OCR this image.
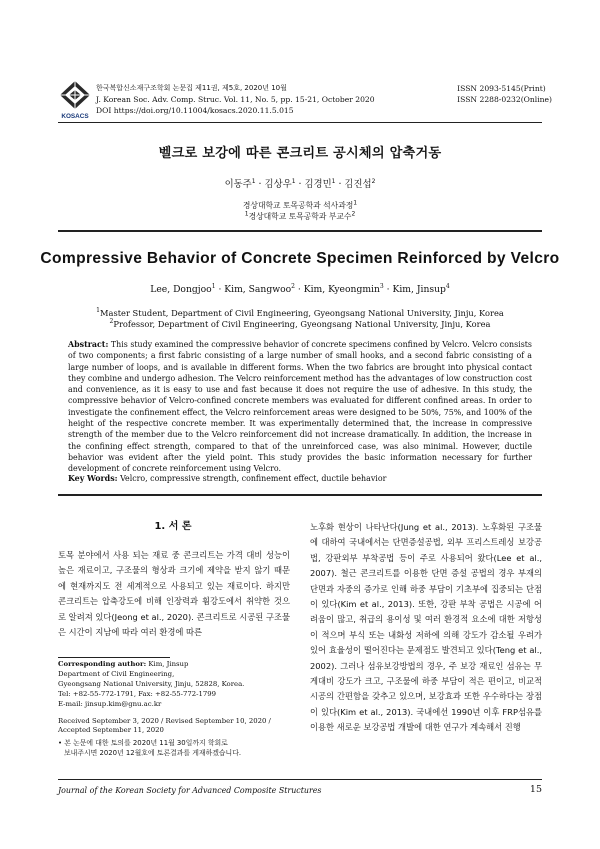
KOSACS
한국복합신소재구조학회 논문집 제11권, 제5호, 2020년 10월
J. Korean Soc. Adv. Comp. Struc. Vol. 11, No. 5, pp. 15-21, October 2020
DOI https://doi.org/10.11004/kosacs.2020.11.5.015
ISSN 2093-5145(Print)
ISSN 2288-0232(Online)
벨크로 보강에 따른 콘크리트 공시체의 압축거동
이동주$^1$ · 김상우$^1$ · 김경민$^1$ · 김진섭$^2$
경상대학교 토목공학과 석사과정$^1$
$^1$경상대학교 토목공학과 부교수$^2$
Compressive Behavior of Concrete Specimen Reinforced by Velcro
Lee, Dongjoo$^1$ · Kim, Sangwoo$^2$ · Kim, Kyeongmin$^3$ · Kim, Jinsup$^4$
$^1$Master Student, Department of Civil Engineering, Gyeongsang National University, Jinju, Korea
$^2$Professor, Department of Civil Engineering, Gyeongsang National University, Jinju, Korea
Abstract: This study examined the compressive behavior of concrete specimens confined by Velcro. Velcro consists of two components; a first fabric consisting of a large number of small hooks, and a second fabric consisting of a large number of loops, and is available in different forms. When the two fabrics are brought into physical contact they combine and undergo adhesion. The Velcro reinforcement method has the advantages of low construction cost and convenience, as it is easy to use and fast because it does not require the use of adhesive. In this study, the compressive behavior of Velcro-confined concrete members was evaluated for different confined areas. In order to investigate the confinement effect, the Velcro reinforcement areas were designed to be 50%, 75%, and 100% of the height of the respective concrete member. It was experimentally determined that, the increase in compressive strength of the member due to the Velcro reinforcement did not increase dramatically. In addition, the increase in the confining effect strength, compared to that of the unreinforced case, was also minimal. However, ductile behavior was evident after the yield point. This study provides the basic information necessary for further development of concrete reinforcement using Velcro.
Key Words: Velcro, compressive strength, confinement effect, ductile behavior
1. 서 론
토목 분야에서 사용 되는 재료 중 콘크리트는 가격 대비 성능이 높은 재료이고, 구조물의 형상과 크기에 제약을 받지 않기 때문에 현재까지도 전 세계적으로 사용되고 있는 재료이다. 하지만 콘크리트는 압축강도에 비해 인장력과 휨강도에서 취약한 것으로 알려져 있다(Jeong et al., 2020). 콘크리트로 시공된 구조물은 시간이 지남에 따라 여러 환경에 따른
노후화 현상이 나타난다(Jung et al., 2013). 노후화된 구조물에 대하여 국내에서는 단면증설공법, 외부 프리스트레싱 보강공법, 강판외부 부착공법 등이 주로 사용되어 왔다(Lee et al., 2007). 철근 콘크리트를 이용한 단면 증설 공법의 경우 부재의 단면과 자중의 증가로 인해 하중 부담이 기초부에 집중되는 단점이 있다(Kim et al., 2013). 또한, 강판 부착 공법은 시공에 어려움이 많고, 취급의 용이성 및 여러 환경적 요소에 대한 저항성이 적으며 부식 또는 내화성 저하에 의해 강도가 감소될 우려가 있어 효율성이 떨어진다는 문제점도 발견되고 있다(Teng et al., 2002). 그러나 섬유보강방법의 경우, 주 보강 재료인 섬유는 무게대비 강도가 크고, 구조물에 하중 부담이 적은 편이고, 비교적 시공의 간편함을 갖추고 있으며, 보강효과 또한 우수하다는 장점이 있다(Kim et al., 2013). 국내에선 1990년 이후 FRP섬유를 이용한 새로운 보강공법 개발에 대한 연구가 계속해서 진행

Corresponding author: Kim, Jinsup

Department of Civil Engineering,

Gyeongsang National University, Jinju, 52828, Korea.

Tel: +82-55-772-1791, Fax: +82-55-772-1799

E-mail: jinsup.kim@gnu.ac.kr

Received September 3, 2020 / Revised September 10, 2020 /

Accepted September 11, 2020

• 본 논문에 대한 토의를 2020년 11월 30일까지 학회로
보내주시면 2020년 12월호에 토론결과를 게재하겠습니다.
Journal of the Korean Society for Advanced Composite Structures	15
